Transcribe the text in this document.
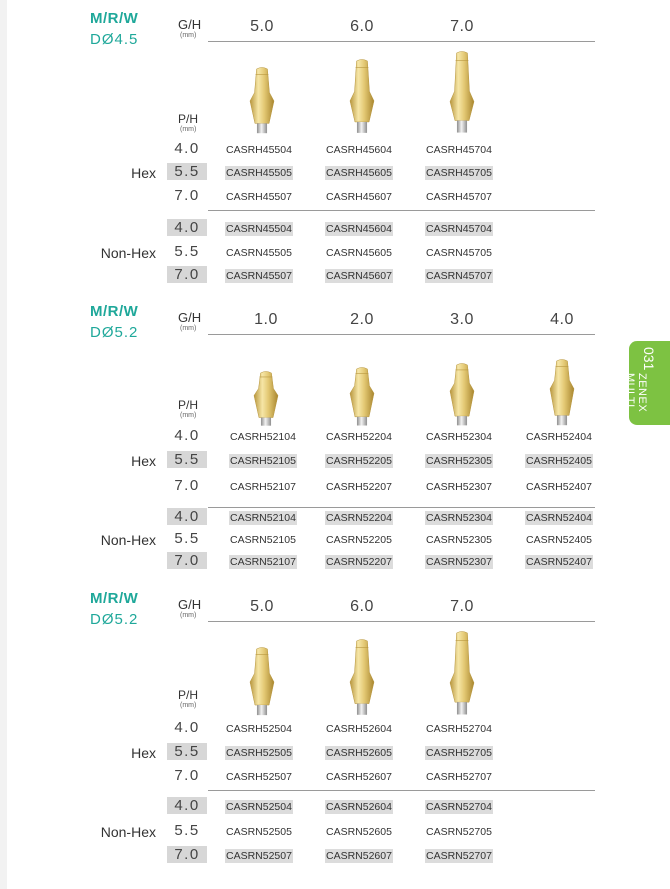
M/R/W
DØ4.5
G/H
(mm)
5.0	6.0	7.0
P/H
(mm)
Hex
Non-Hex
4.0	CASRH45504	CASRH45604	CASRH45704
5.5	CASRH45505	CASRH45605	CASRH45705
7.0	CASRH45507	CASRH45607	CASRH45707
4.0	CASRN45504	CASRN45604	CASRN45704
5.5	CASRN45505	CASRN45605	CASRN45705
7.0	CASRN45507	CASRN45607	CASRN45707
M/R/W
DØ5.2
G/H
(mm)
1.0	2.0	3.0	4.0
P/H
(mm)
Hex
Non-Hex
4.0	CASRH52104	CASRH52204	CASRH52304	CASRH52404
5.5	CASRH52105	CASRH52205	CASRH52305	CASRH52405
7.0	CASRH52107	CASRH52207	CASRH52307	CASRH52407
4.0	CASRN52104	CASRN52204	CASRN52304	CASRN52404
5.5	CASRN52105	CASRN52205	CASRN52305	CASRN52405
7.0	CASRN52107	CASRN52207	CASRN52307	CASRN52407
M/R/W
DØ5.2
G/H
(mm)
5.0	6.0	7.0
P/H
(mm)
Hex
Non-Hex
4.0	CASRH52504	CASRH52604	CASRH52704
5.5	CASRH52505	CASRH52605	CASRH52705
7.0	CASRH52507	CASRH52607	CASRH52707
4.0	CASRN52504	CASRN52604	CASRN52704
5.5	CASRN52505	CASRN52605	CASRN52705
7.0	CASRN52507	CASRN52607	CASRN52707
031
ZENEX
MULTI
